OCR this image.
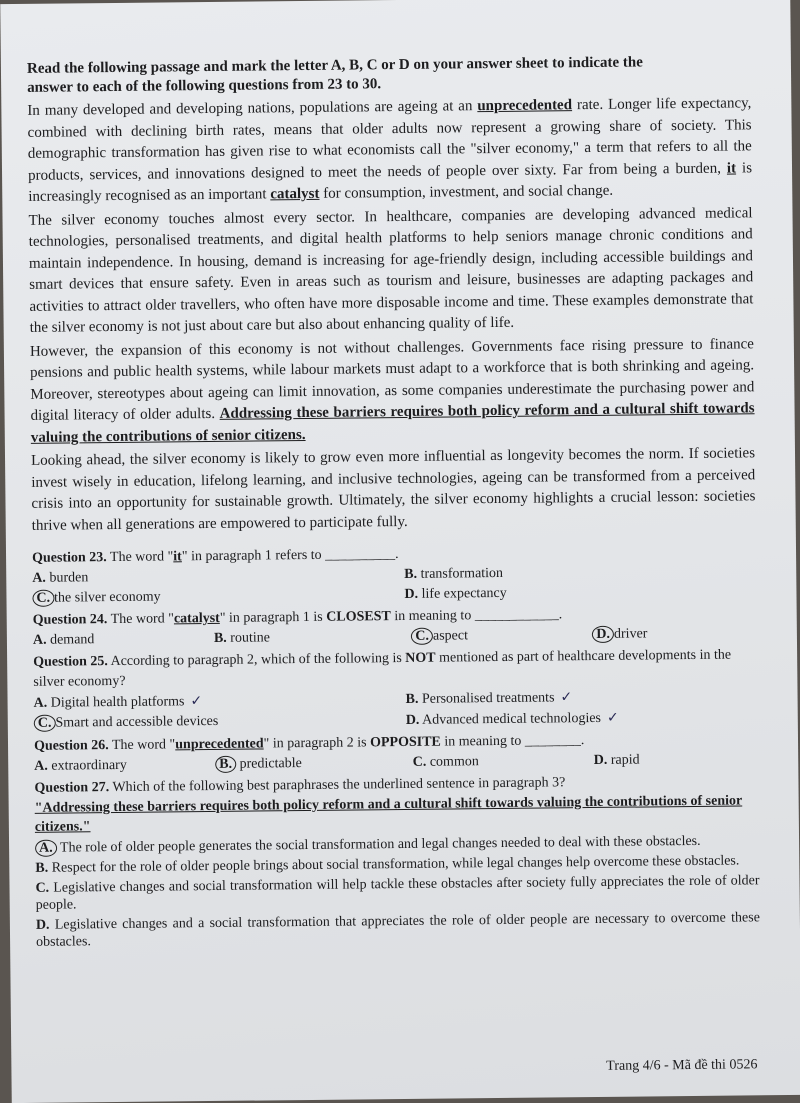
Read the following passage and mark the letter A, B, C or D on your answer sheet to indicate the
answer to each of the following questions from 23 to 30.

In many developed and developing nations, populations are ageing at an unprecedented rate. Longer life expectancy, combined with declining birth rates, means that older adults now represent a growing share of society. This demographic transformation has given rise to what economists call the "silver economy," a term that refers to all the products, services, and innovations designed to meet the needs of people over sixty. Far from being a burden, it is increasingly recognised as an important catalyst for consumption, investment, and social change.

The silver economy touches almost every sector. In healthcare, companies are developing advanced medical technologies, personalised treatments, and digital health platforms to help seniors manage chronic conditions and maintain independence. In housing, demand is increasing for age-friendly design, including accessible buildings and smart devices that ensure safety. Even in areas such as tourism and leisure, businesses are adapting packages and activities to attract older travellers, who often have more disposable income and time. These examples demonstrate that the silver economy is not just about care but also about enhancing quality of life.

However, the expansion of this economy is not without challenges. Governments face rising pressure to finance pensions and public health systems, while labour markets must adapt to a workforce that is both shrinking and ageing. Moreover, stereotypes about ageing can limit innovation, as some companies underestimate the purchasing power and digital literacy of older adults. Addressing these barriers requires both policy reform and a cultural shift towards valuing the contributions of senior citizens.

Looking ahead, the silver economy is likely to grow even more influential as longevity becomes the norm. If societies invest wisely in education, lifelong learning, and inclusive technologies, ageing can be transformed from a perceived crisis into an opportunity for sustainable growth. Ultimately, the silver economy highlights a crucial lesson: societies thrive when all generations are empowered to participate fully.

Question 23. The word "it" in paragraph 1 refers to __________.
A. burden	B. transformation
C. the silver economy	D. life expectancy
Question 24. The word "catalyst" in paragraph 1 is CLOSEST in meaning to ____________.
A. demand	B. routine	C. aspect	D. driver
Question 25. According to paragraph 2, which of the following is NOT mentioned as part of healthcare developments in the silver economy?
A. Digital health platforms ✓	B. Personalised treatments ✓
C. Smart and accessible devices	D. Advanced medical technologies ✓
Question 26. The word "unprecedented" in paragraph 2 is OPPOSITE in meaning to ________.
A. extraordinary	B. predictable	C. common	D. rapid
Question 27. Which of the following best paraphrases the underlined sentence in paragraph 3?
"Addressing these barriers requires both policy reform and a cultural shift towards valuing the contributions of senior citizens."
A. The role of older people generates the social transformation and legal changes needed to deal with these obstacles.
B. Respect for the role of older people brings about social transformation, while legal changes help overcome these obstacles.
C. Legislative changes and social transformation will help tackle these obstacles after society fully appreciates the role of older people.
D. Legislative changes and a social transformation that appreciates the role of older people are necessary to overcome these obstacles.
Trang 4/6 - Mã đề thi 0526
